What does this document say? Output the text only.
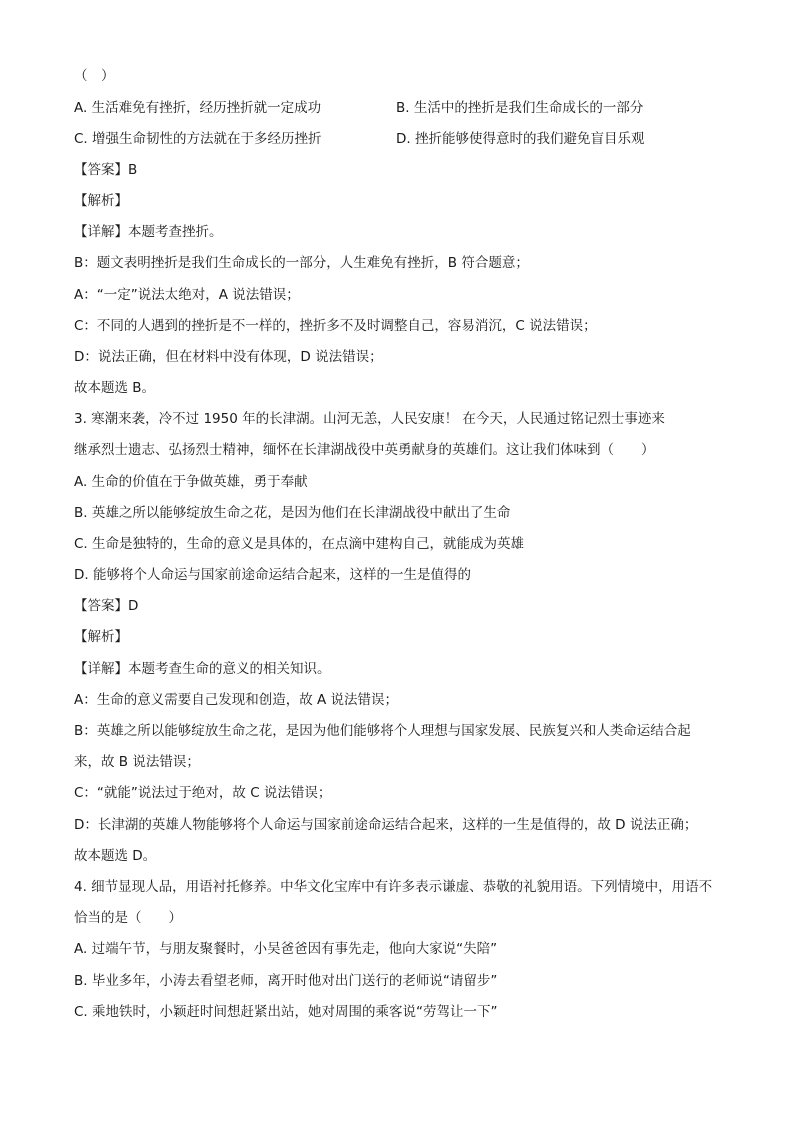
（　）
A. 生活难免有挫折，经历挫折就一定成功	B. 生活中的挫折是我们生命成长的一部分
C. 增强生命韧性的方法就在于多经历挫折	D. 挫折能够使得意时的我们避免盲目乐观
【答案】B
【解析】
【详解】本题考查挫折。
B：题文表明挫折是我们生命成长的一部分，人生难免有挫折，B 符合题意；
A：“一定”说法太绝对，A 说法错误；
C：不同的人遇到的挫折是不一样的，挫折多不及时调整自己，容易消沉，C 说法错误；
D：说法正确，但在材料中没有体现，D 说法错误；
故本题选 B。
3. 寒潮来袭，冷不过 1950 年的长津湖。山河无恙，人民安康！ 在今天，人民通过铭记烈士事迹来
继承烈士遗志、弘扬烈士精神，缅怀在长津湖战役中英勇献身的英雄们。这让我们体味到（　　）
A. 生命的价值在于争做英雄，勇于奉献
B. 英雄之所以能够绽放生命之花，是因为他们在长津湖战役中献出了生命
C. 生命是独特的，生命的意义是具体的，在点滴中建构自己，就能成为英雄
D. 能够将个人命运与国家前途命运结合起来，这样的一生是值得的
【答案】D
【解析】
【详解】本题考查生命的意义的相关知识。
A：生命的意义需要自己发现和创造，故 A 说法错误；
B：英雄之所以能够绽放生命之花，是因为他们能够将个人理想与国家发展、民族复兴和人类命运结合起
来，故 B 说法错误；
C：“就能”说法过于绝对，故 C 说法错误；
D：长津湖的英雄人物能够将个人命运与国家前途命运结合起来，这样的一生是值得的，故 D 说法正确；
故本题选 D。
4. 细节显现人品，用语衬托修养。中华文化宝库中有许多表示谦虚、恭敬的礼貌用语。下列情境中，用语不
恰当的是（　　）
A. 过端午节，与朋友聚餐时，小吴爸爸因有事先走，他向大家说“失陪”
B. 毕业多年，小涛去看望老师，离开时他对出门送行的老师说“请留步”
C. 乘地铁时，小颖赶时间想赶紧出站，她对周围的乘客说“劳驾让一下”
